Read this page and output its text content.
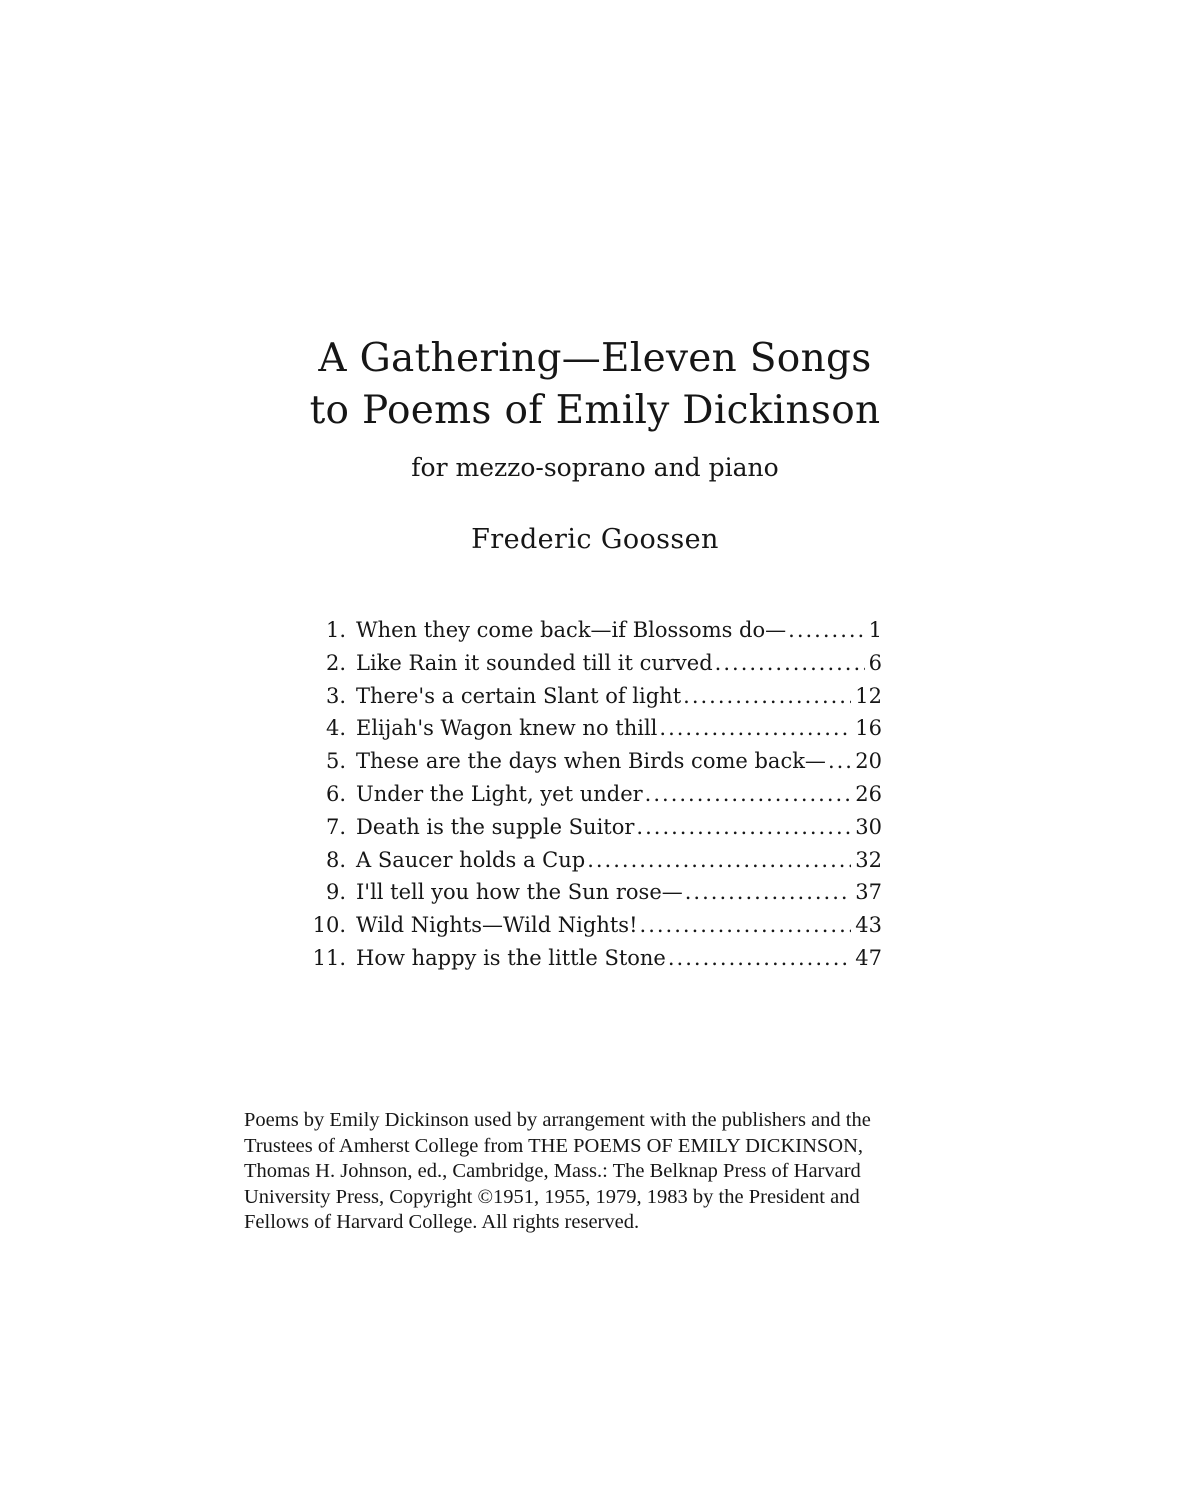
A Gathering—Eleven Songs
to Poems of Emily Dickinson
for mezzo-soprano and piano
Frederic Goossen
1. When they come back—if Blossoms do— .....	1
2. Like Rain it sounded till it curved .....	6
3. There's a certain Slant of light .....	12
4. Elijah's Wagon knew no thill .....	16
5. These are the days when Birds come back— ..... 20
6. Under the Light, yet under .....	26
7. Death is the supple Suitor .....	30
8. A Saucer holds a Cup .....	32
9. I'll tell you how the Sun rose— .....	37
10. Wild Nights—Wild Nights! .....	43
11. How happy is the little Stone .....	47
Poems by Emily Dickinson used by arrangement with the publishers and the
Trustees of Amherst College from THE POEMS OF EMILY DICKINSON,
Thomas H. Johnson, ed., Cambridge, Mass.: The Belknap Press of Harvard
University Press, Copyright ©1951, 1955, 1979, 1983 by the President and
Fellows of Harvard College. All rights reserved.
